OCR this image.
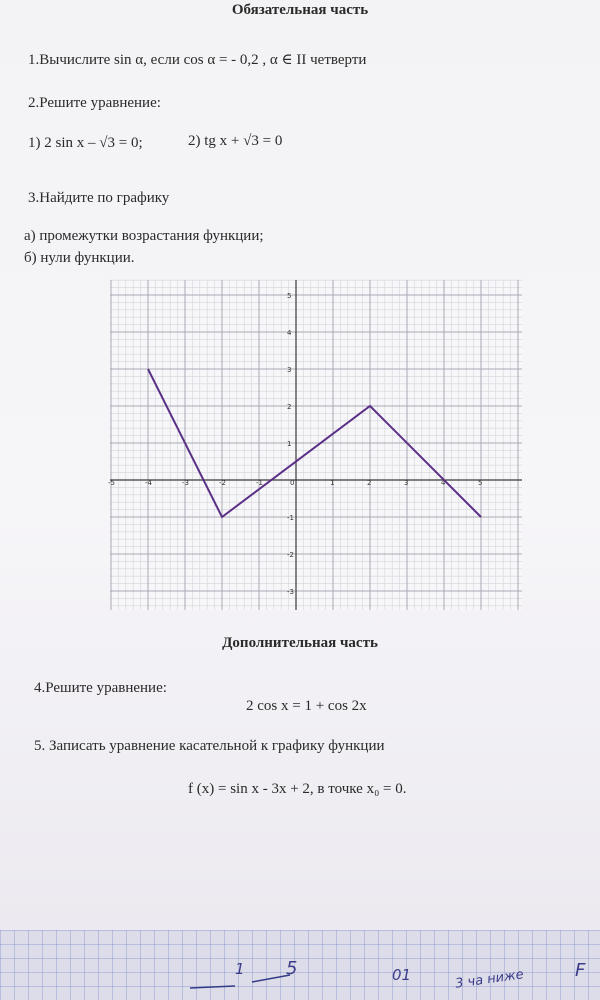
Обязательная часть
1.Вычислите sin α, если cos α = - 0,2 , α ∈ II четверти
2.Решите уравнение:
1) 2 sin x – √3 = 0;	2) tg x + √3 = 0
3.Найдите по графику
а) промежутки возрастания функции;
б) нули функции.
-5	-4	-3	-2	-1	0	1	2	3	4	5
-3
-2
-1
1
2
3
4
5
Дополнительная часть
4.Решите уравнение:
2 cos x = 1 + cos 2x
5. Записать уравнение касательной к графику функции
f (x) = sin x - 3x + 2, в точке x₀ = 0.
1 5	01	3 ча ниже	F
